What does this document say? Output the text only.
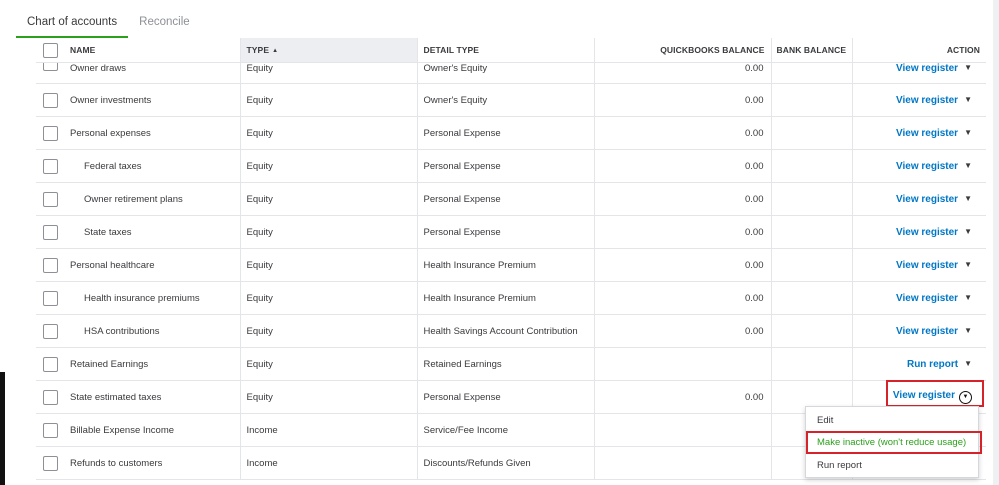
Chart of accounts	Reconcile
	NAME	TYPE ▲	DETAIL TYPE	QUICKBOOKS BALANCE	BANK BALANCE	ACTION
	Owner draws	Equity	Owner's Equity	0.00		View register ▼
	Owner investments	Equity	Owner's Equity	0.00		View register ▼
	Personal expenses	Equity	Personal Expense	0.00		View register ▼
	Federal taxes	Equity	Personal Expense	0.00		View register ▼
	Owner retirement plans	Equity	Personal Expense	0.00		View register ▼
	State taxes	Equity	Personal Expense	0.00		View register ▼
	Personal healthcare	Equity	Health Insurance Premium	0.00		View register ▼
	Health insurance premiums	Equity	Health Insurance Premium	0.00		View register ▼
	HSA contributions	Equity	Health Savings Account Contribution	0.00		View register ▼
	Retained Earnings	Equity	Retained Earnings			Run report ▼
	State estimated taxes	Equity	Personal Expense	0.00		View register ▼
	Billable Expense Income	Income	Service/Fee Income			
	Refunds to customers	Income	Discounts/Refunds Given			
Edit
Make inactive (won't reduce usage)
Run report
